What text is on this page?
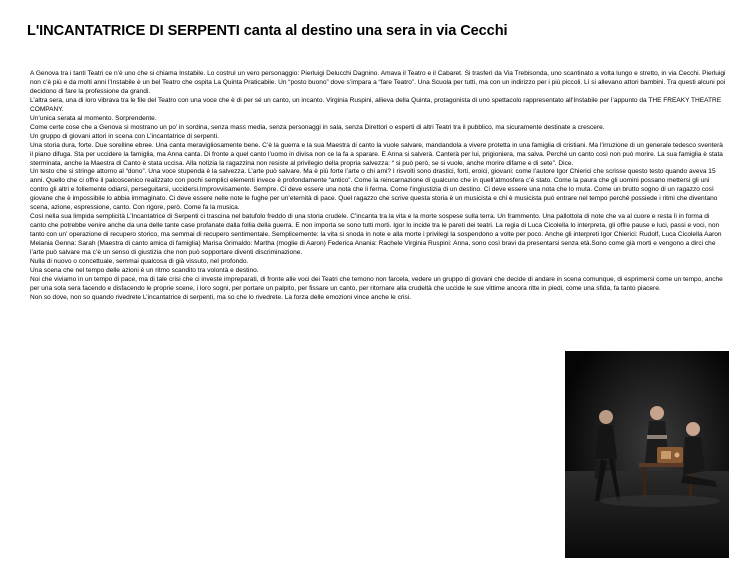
L'INCANTATRICE DI SERPENTI canta al destino una sera in via Cecchi

A Genova tra i tanti Teatri ce n’è uno che si chiama Instabile. Lo costruì un vero personaggio: Pierluigi Delucchi Dagnino. Amava il Teatro e il Cabaret. Si trasferì da Via Trebisonda, uno scantinato a volta lungo e stretto, in via Cecchi. Pierluigi non c’è più e da molti anni l’Instabile è un bel Teatro che ospita La Quinta Praticabile. Un “posto buono” dove s’impara a “fare Teatro”. Una Scuola per tutti, ma con un indirizzo per i più piccoli. Lì si allevano attori bambini. Tra questi alcuni poi decidono di fare la professione da grandi.

L’altra sera, una di loro vibrava tra le file del Teatro con una voce che è di per sé un canto, un incanto. Virginia Ruspini, allieva della Quinta, protagonista di uno spettacolo rappresentato all’Instabile per l’appunto da THE FREAKY THEATRE COMPANY.

Un’unica serata al momento. Sorprendente.

Come certe cose che a Genova si mostrano un po’ in sordina, senza mass media, senza personaggi in sala, senza Direttori o esperti di altri Teatri tra il pubblico, ma sicuramente destinate a crescere.

Un gruppo di giovani attori in scena con L’incantatrice di serpenti.

Una storia dura, forte. Due sorelline ebree. Una canta meravigliosamente bene. C’è la guerra e la sua Maestra di canto la vuole salvare, mandandola a vivere protetta in una famiglia di cristiani. Ma l’irruzione di un generale tedesco sventerà il piano difuga. Sta per uccidere la famiglia, ma Anna canta. Di fronte a quel canto l’uomo in divisa non ce la fa a sparare. E Anna si salverà. Canterà per lui, prigioniera, ma salva. Perché un canto così non può morire. La sua famiglia è stata sterminata, anche la Maestra di Canto è stata uccisa. Alla notizia la ragazzina non resiste al privilegio della propria salvezza: “ si può però, se si vuole, anche morire difame e di sete”. Dice.

Un testo che si stringe attorno al “dono”. Una voce stupenda è la salvezza. L’arte può salvare. Ma è più forte l’arte o chi ami? I risvolti sono drastici, forti, eroici, giovani: come l’autore Igor Chierici che scrisse questo testo quando aveva 15 anni. Quello che ci offre il palcoscenico realizzato con pochi semplici elementi invece è profondamente “antico”. Come la reincarnazione di qualcuno che in quell’atmosfera c’è stato. Come la paura che gli uomini possano mettersi gli uni contro gli altri e follemente odiarsi, perseguitarsi, uccidersi.Improvvisamente. Sempre. Ci deve essere una nota che li ferma. Come l’ingiustizia di un destino. Ci deve essere una nota che lo muta. Come un brutto sogno di un ragazzo così giovane che è impossibile lo abbia immaginato. Ci deve essere nelle note le fughe per un’eternità di pace. Quel ragazzo che scrive questa storia è un musicista e chi è musicista può entrare nel tempo perché possiede i ritmi che diventano scena, azione, espressione, canto. Con rigore, però. Come fa la musica.

Così nella sua limpida semplicità L’Incantatrice di Serpenti ci trascina nel batufolo freddo di una storia crudele. C’incanta tra la vita e la morte sospese sulla terra. Un frammento. Una pallottola di note che va al cuore e resta lì in forma di canto che potrebbe venire anche da una delle tante case profanate dalla follia della guerra. E non importa se sono tutti morti. Igor lo incide tra le pareti dei teatri. La regia di Luca Cicolella lo interpreta, gli offre pause e luci, passi e voci, non tanto con un’ operazione di recupero storico, ma semmai di recupero sentimentale. Semplicemente: la vita si snoda in note e alla morte i privilegi la sospendono a volte per poco. Anche gli interpreti Igor Chierici: Rudolf, Luca Cicolella Aaron Melania Genna: Sarah (Maestra di canto amica di famiglia) Marisa Grimaldo: Martha (moglie di Aaron) Federica Anania: Rachele Virginia Ruspini: Anna, sono così bravi da presentarsi senza età.Sono come già morti e vengono a dirci che l’arte può salvare ma c’è un senso di giustizia che non può sopportare diventi discriminazione.

Nulla di nuovo o concettuale, semmai qualcosa di già vissuto, nel profondo.

Una scena che nel tempo delle azioni è un ritmo scandito tra volontà e destino.

Noi che viviamo in un tempo di pace, ma di tale crisi che ci investe impreparati, di fronte alle voci dei Teatri che temono non farcela, vedere un gruppo di giovani che decide di andare in scena comunque, di esprimersi come un tempo, anche per una sola sera facendo e disfacendo le proprie scene, i loro sogni, per portare un palpito, per fissare un canto, per ritornare alla crudeltà che uccide le sue vittime ancora ritte in piedi, come una sfida, fa tanto piacere.

Non so dove, non so quando rivedrete L’incantatrice di serpenti, ma so che lo rivedrete. La forza delle emozioni vince anche le crisi.
